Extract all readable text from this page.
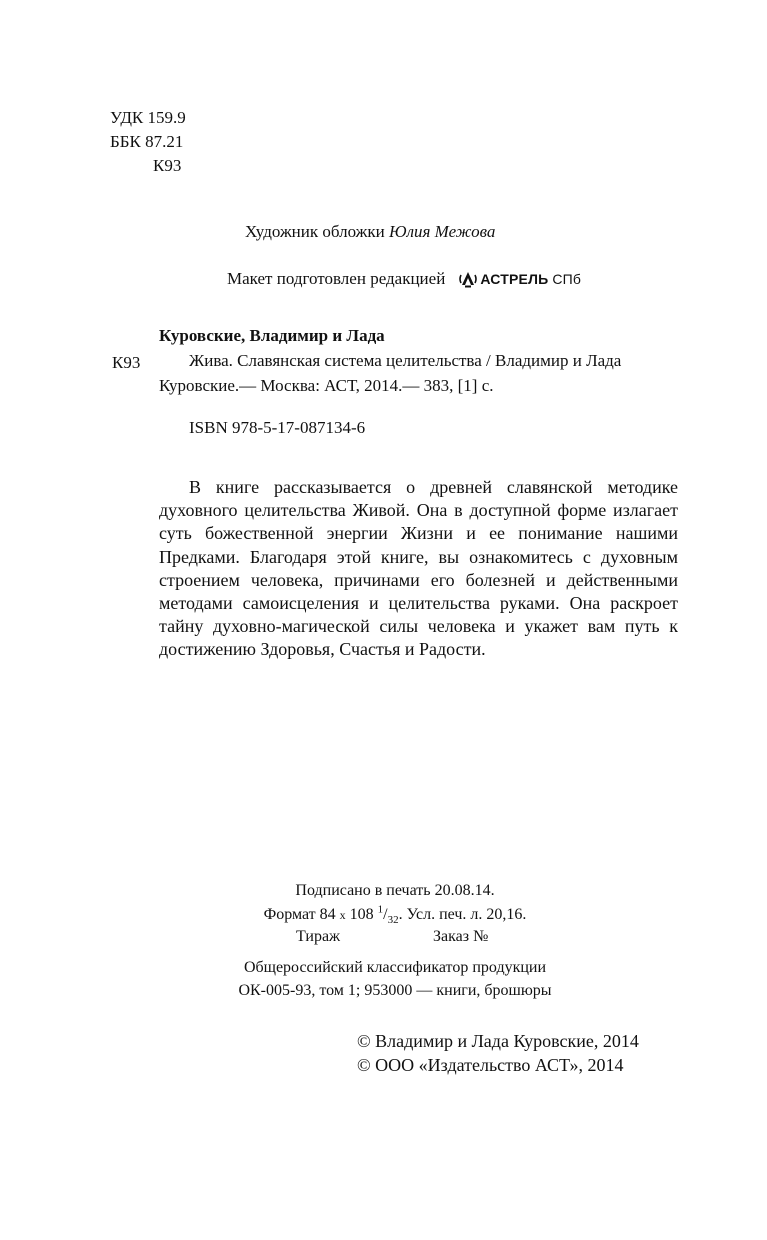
УДК 159.9
ББК 87.21
К93
Художник обложки Юлия Межова
Макет подготовлен редакцией	АСТРЕЛЬ СПб
Куровские, Владимир и Лада
К93	Жива. Славянская система целительства / Владимир и Лада
Куровские.— Москва: АСТ, 2014.— 383, [1] с.
ISBN 978-5-17-087134-6

В книге рассказывается о древней славянской методике духовного целительства Живой. Она в доступной форме излагает суть божественной энергии Жизни и ее понимание нашими Предками. Благодаря этой книге, вы ознакомитесь с духовным строением человека, причинами его болезней и действенными методами самоисцеления и целительства руками. Она раскроет тайну духовно-магической силы человека и укажет вам путь к достижению Здоровья, Счастья и Радости.

Подписано в печать 20.08.14.
Формат 84 x 108 $^1/_{32}$. Усл. печ. л. 20,16.
Тираж	Заказ №
Общероссийский классификатор продукции
ОК-005-93, том 1; 953000 — книги, брошюры
© Владимир и Лада Куровские, 2014
© ООО «Издательство АСТ», 2014
